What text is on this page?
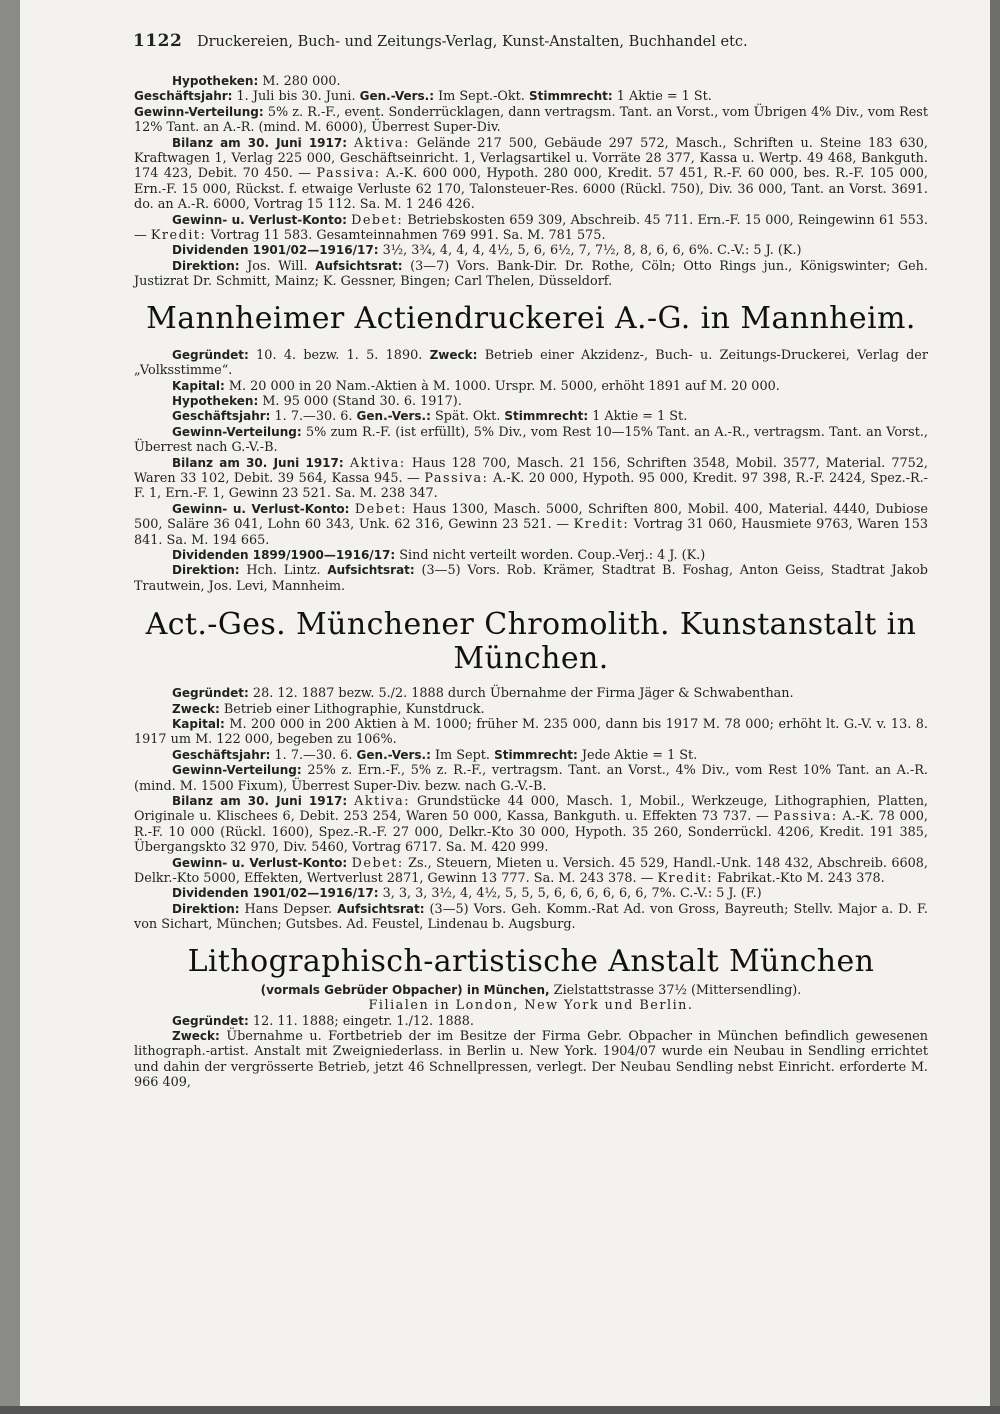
1122 Druckereien, Buch- und Zeitungs-Verlag, Kunst-Anstalten, Buchhandel etc.

Hypotheken: M. 280 000.

Geschäftsjahr: 1. Juli bis 30. Juni. Gen.-Vers.: Im Sept.-Okt. Stimmrecht: 1 Aktie = 1 St.

Gewinn-Verteilung: 5% z. R.-F., event. Sonderrücklagen, dann vertragsm. Tant. an Vorst., vom Übrigen 4% Div., vom Rest 12% Tant. an A.-R. (mind. M. 6000), Überrest Super-Div.

Bilanz am 30. Juni 1917: Aktiva: Gelände 217 500, Gebäude 297 572, Masch., Schriften u. Steine 183 630, Kraftwagen 1, Verlag 225 000, Geschäftseinricht. 1, Verlagsartikel u. Vorräte 28 377, Kassa u. Wertp. 49 468, Bankguth. 174 423, Debit. 70 450. — Passiva: A.-K. 600 000, Hypoth. 280 000, Kredit. 57 451, R.-F. 60 000, bes. R.-F. 105 000, Ern.-F. 15 000, Rückst. f. etwaige Verluste 62 170, Talonsteuer-Res. 6000 (Rückl. 750), Div. 36 000, Tant. an Vorst. 3691. do. an A.-R. 6000, Vortrag 15 112. Sa. M. 1 246 426.

Gewinn- u. Verlust-Konto: Debet: Betriebskosten 659 309, Abschreib. 45 711. Ern.-F. 15 000, Reingewinn 61 553. — Kredit: Vortrag 11 583. Gesamteinnahmen 769 991. Sa. M. 781 575.

Dividenden 1901/02—1916/17: 3½, 3¾, 4, 4, 4, 4½, 5, 6, 6½, 7, 7½, 8, 8, 6, 6, 6%. C.-V.: 5 J. (K.)

Direktion: Jos. Will. Aufsichtsrat: (3—7) Vors. Bank-Dir. Dr. Rothe, Cöln; Otto Rings jun., Königswinter; Geh. Justizrat Dr. Schmitt, Mainz; K. Gessner, Bingen; Carl Thelen, Düsseldorf.

Mannheimer Actiendruckerei A.-G. in Mannheim.

Gegründet: 10. 4. bezw. 1. 5. 1890. Zweck: Betrieb einer Akzidenz-, Buch- u. Zeitungs-Druckerei, Verlag der „Volksstimme“.

Kapital: M. 20 000 in 20 Nam.-Aktien à M. 1000. Urspr. M. 5000, erhöht 1891 auf M. 20 000.

Hypotheken: M. 95 000 (Stand 30. 6. 1917).

Geschäftsjahr: 1. 7.—30. 6. Gen.-Vers.: Spät. Okt. Stimmrecht: 1 Aktie = 1 St.

Gewinn-Verteilung: 5% zum R.-F. (ist erfüllt), 5% Div., vom Rest 10—15% Tant. an A.-R., vertragsm. Tant. an Vorst., Überrest nach G.-V.-B.

Bilanz am 30. Juni 1917: Aktiva: Haus 128 700, Masch. 21 156, Schriften 3548, Mobil. 3577, Material. 7752, Waren 33 102, Debit. 39 564, Kassa 945. — Passiva: A.-K. 20 000, Hypoth. 95 000, Kredit. 97 398, R.-F. 2424, Spez.-R.-F. 1, Ern.-F. 1, Gewinn 23 521. Sa. M. 238 347.

Gewinn- u. Verlust-Konto: Debet: Haus 1300, Masch. 5000, Schriften 800, Mobil. 400, Material. 4440, Dubiose 500, Saläre 36 041, Lohn 60 343, Unk. 62 316, Gewinn 23 521. — Kredit: Vortrag 31 060, Hausmiete 9763, Waren 153 841. Sa. M. 194 665.

Dividenden 1899/1900—1916/17: Sind nicht verteilt worden. Coup.-Verj.: 4 J. (K.)

Direktion: Hch. Lintz. Aufsichtsrat: (3—5) Vors. Rob. Krämer, Stadtrat B. Foshag, Anton Geiss, Stadtrat Jakob Trautwein, Jos. Levi, Mannheim.

Act.-Ges. Münchener Chromolith. Kunstanstalt in München.

Gegründet: 28. 12. 1887 bezw. 5./2. 1888 durch Übernahme der Firma Jäger & Schwabenthan.

Zweck: Betrieb einer Lithographie, Kunstdruck.

Kapital: M. 200 000 in 200 Aktien à M. 1000; früher M. 235 000, dann bis 1917 M. 78 000; erhöht lt. G.-V. v. 13. 8. 1917 um M. 122 000, begeben zu 106%.

Geschäftsjahr: 1. 7.—30. 6. Gen.-Vers.: Im Sept. Stimmrecht: Jede Aktie = 1 St.

Gewinn-Verteilung: 25% z. Ern.-F., 5% z. R.-F., vertragsm. Tant. an Vorst., 4% Div., vom Rest 10% Tant. an A.-R. (mind. M. 1500 Fixum), Überrest Super-Div. bezw. nach G.-V.-B.

Bilanz am 30. Juni 1917: Aktiva: Grundstücke 44 000, Masch. 1, Mobil., Werkzeuge, Lithographien, Platten, Originale u. Klischees 6, Debit. 253 254, Waren 50 000, Kassa, Bankguth. u. Effekten 73 737. — Passiva: A.-K. 78 000, R.-F. 10 000 (Rückl. 1600), Spez.-R.-F. 27 000, Delkr.-Kto 30 000, Hypoth. 35 260, Sonderrückl. 4206, Kredit. 191 385, Übergangskto 32 970, Div. 5460, Vortrag 6717. Sa. M. 420 999.

Gewinn- u. Verlust-Konto: Debet: Zs., Steuern, Mieten u. Versich. 45 529, Handl.-Unk. 148 432, Abschreib. 6608, Delkr.-Kto 5000, Effekten, Wertverlust 2871, Gewinn 13 777. Sa. M. 243 378. — Kredit: Fabrikat.-Kto M. 243 378.

Dividenden 1901/02—1916/17: 3, 3, 3, 3½, 4, 4½, 5, 5, 5, 6, 6, 6, 6, 6, 6, 7%. C.-V.: 5 J. (F.)

Direktion: Hans Depser. Aufsichtsrat: (3—5) Vors. Geh. Komm.-Rat Ad. von Gross, Bayreuth; Stellv. Major a. D. F. von Sichart, München; Gutsbes. Ad. Feustel, Lindenau b. Augsburg.

Lithographisch-artistische Anstalt München

(vormals Gebrüder Obpacher) in München, Zielstattstrasse 37½ (Mittersendling).

Filialen in London, New York und Berlin.

Gegründet: 12. 11. 1888; eingetr. 1./12. 1888.

Zweck: Übernahme u. Fortbetrieb der im Besitze der Firma Gebr. Obpacher in München befindlich gewesenen lithograph.-artist. Anstalt mit Zweigniederlass. in Berlin u. New York. 1904/07 wurde ein Neubau in Sendling errichtet und dahin der vergrösserte Betrieb, jetzt 46 Schnellpressen, verlegt. Der Neubau Sendling nebst Einricht. erforderte M. 966 409,
